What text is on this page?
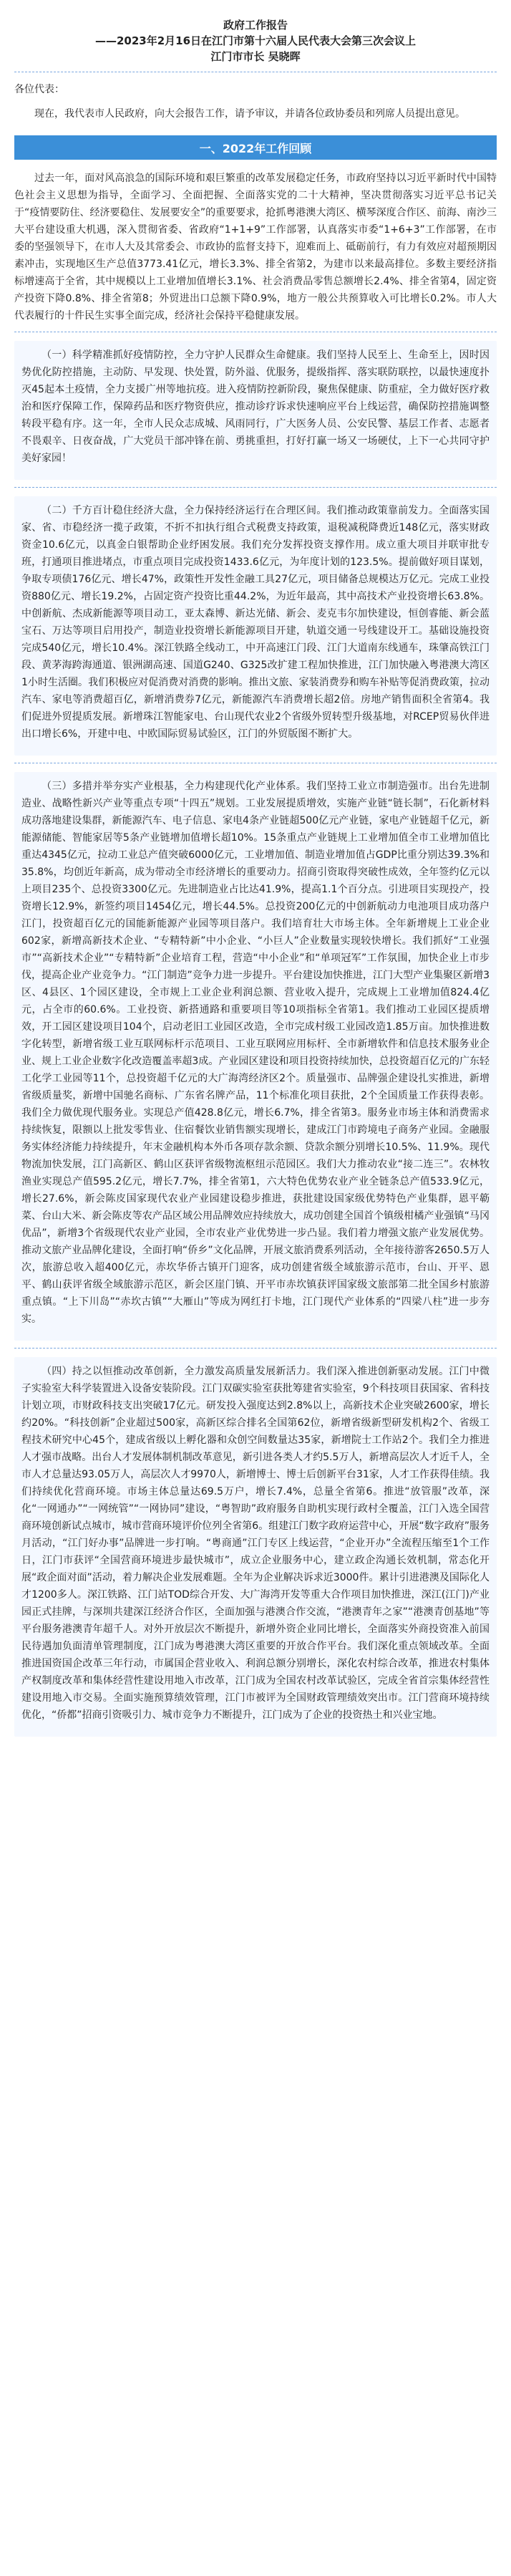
政府工作报告
——2023年2月16日在江门市第十六届人民代表大会第三次会议上
江门市市长 吴晓晖

各位代表：

现在，我代表市人民政府，向大会报告工作，请予审议，并请各位政协委员和列席人员提出意见。

一、2022年工作回顾

过去一年，面对风高浪急的国际环境和艰巨繁重的改革发展稳定任务，市政府坚持以习近平新时代中国特色社会主义思想为指导，全面学习、全面把握、全面落实党的二十大精神，坚决贯彻落实习近平总书记关于“疫情要防住、经济要稳住、发展要安全”的重要要求，抢抓粤港澳大湾区、横琴深度合作区、前海、南沙三大平台建设重大机遇，深入贯彻省委、省政府“1+1+9”工作部署，认真落实市委“1+6+3”工作部署，在市委的坚强领导下，在市人大及其常委会、市政协的监督支持下，迎难而上、砥砺前行，有力有效应对超预期因素冲击，实现地区生产总值3773.41亿元，增长3.3%、排全省第2，为建市以来最高排位。多数主要经济指标增速高于全省，其中规模以上工业增加值增长3.1%、社会消费品零售总额增长2.4%、排全省第4，固定资产投资下降0.8%、排全省第8；外贸进出口总额下降0.9%，地方一般公共预算收入可比增长0.2%。市人大代表履行的十件民生实事全面完成，经济社会保持平稳健康发展。

（一）科学精准抓好疫情防控，全力守护人民群众生命健康。我们坚持人民至上、生命至上，因时因势优化防控措施，主动防、早发现、快处置，防外溢、优服务，提级指挥、落实联防联控，以最快速度扑灭45起本土疫情，全力支援广州等地抗疫。进入疫情防控新阶段，聚焦保健康、防重症，全力做好医疗救治和医疗保障工作，保障药品和医疗物资供应，推动诊疗诉求快速响应平台上线运营，确保防控措施调整转段平稳有序。这一年，全市人民众志成城、风雨同行，广大医务人员、公安民警、基层工作者、志愿者不畏艰辛、日夜奋战，广大党员干部冲锋在前、勇挑重担，打好打赢一场又一场硬仗，上下一心共同守护美好家园！

（二）千方百计稳住经济大盘，全力保持经济运行在合理区间。我们推动政策靠前发力。全面落实国家、省、市稳经济一揽子政策，不折不扣执行组合式税费支持政策，退税减税降费近148亿元，落实财政资金10.6亿元，以真金白银帮助企业纾困发展。我们充分发挥投资支撑作用。成立重大项目并联审批专班，打通项目推进堵点，市重点项目完成投资1433.6亿元，为年度计划的123.5%。提前做好项目谋划，争取专项债176亿元、增长47%，政策性开发性金融工具27亿元，项目储备总规模达万亿元。完成工业投资880亿元、增长19.2%，占固定资产投资比重44.2%，为近年最高，其中高技术产业投资增长63.8%。中创新航、杰成新能源等项目动工，亚太森博、新达光储、新会、麦克韦尔加快建设，恒创睿能、新会蓝宝石、万达等项目启用投产，制造业投资增长新能源项目开建，轨道交通一号线建设开工。基础设施投资完成540亿元，增长10.4%。深江铁路全线动工，中开高速江门段、江门大道南东线通车，珠肇高铁江门段、黄茅海跨海通道、银洲湖高速、国道G240、G325改扩建工程加快推进，江门加快融入粤港澳大湾区1小时生活圈。我们积极应对促消费对消费的影响。推出文旅、家装消费券和购车补贴等促消费政策，拉动汽车、家电等消费超百亿，新增消费券7亿元，新能源汽车消费增长超2倍。房地产销售面积全省第4。我们促进外贸提质发展。新增珠江智能家电、台山现代农业2个省级外贸转型升级基地，对RCEP贸易伙伴进出口增长6%，开建中电、中欧国际贸易试验区，江门的外贸版图不断扩大。

（三）多措并举夯实产业根基，全力构建现代化产业体系。我们坚持工业立市制造强市。出台先进制造业、战略性新兴产业等重点专项“十四五”规划。工业发展提质增效，实施产业链“链长制”，石化新材料成功落地建设集群，新能源汽车、电子信息、家电4条产业链超500亿元产业链，家电产业链超千亿元，新能源储能、智能家居等5条产业链增加值增长超10%。15条重点产业链规上工业增加值全市工业增加值比重达4345亿元，拉动工业总产值突破6000亿元，工业增加值、制造业增加值占GDP比重分别达39.3%和35.8%，均创近年新高，成为带动全市经济增长的重要动力。招商引资取得突破性成效，全年签约亿元以上项目235个、总投资3300亿元。先进制造业占比达41.9%，提高1.1个百分点。引进项目实现投产，投资增长12.9%，新签约项目1454亿元，增长44.5%。总投资200亿元的中创新航动力电池项目成功落户江门，投资超百亿元的国能新能源产业园等项目落户。我们培育壮大市场主体。全年新增规上工业企业602家，新增高新技术企业、“专精特新”中小企业、“小巨人”企业数量实现较快增长。我们抓好“工业强市”“高新技术企业”“专精特新”企业培育工程，营造“中小企业”和“单项冠军”工作氛围，加快企业上市步伐，提高企业产业竞争力。“江门制造”竞争力进一步提升。平台建设加快推进，江门大型产业集聚区新增3区、4县区、1个园区建设，全市规上工业企业利润总额、营业收入提升，完成规上工业增加值824.4亿元，占全市的60.6%。工业投资、新搭通路和重要项目等10项指标全省第1。我们推动工业园区提质增效，开工园区建设项目104个，启动老旧工业园区改造，全市完成村级工业园改造1.85万亩。加快推进数字化转型，新增省级工业互联网标杆示范项目、工业互联网应用标杆、全市新增软件和信息技术服务业企业、规上工业企业数字化改造覆盖率超3成。产业园区建设和项目投资持续加快，总投资超百亿元的广东轻工化学工业园等11个，总投资超千亿元的大广海湾经济区2个。质量强市、品牌强企建设扎实推进，新增省级质量奖，新增中国驰名商标、广东省名牌产品，11个标准化项目获批，2个全国质量工作获得表彰。我们全力做优现代服务业。实现总产值428.8亿元，增长6.7%，排全省第3。服务业市场主体和消费需求持续恢复，限额以上批发零售业、住宿餐饮业销售额实现增长，建成江门市跨境电子商务产业园。金融服务实体经济能力持续提升，年末金融机构本外币各项存款余额、贷款余额分别增长10.5%、11.9%。现代物流加快发展，江门高新区、鹤山区获评省级物流枢纽示范园区。我们大力推动农业“接二连三”。农林牧渔业实现总产值595.2亿元，增长7.7%，排全省第1，六大特色优势农业产业全链条总产值533.9亿元，增长27.6%，新会陈皮国家现代农业产业园建设稳步推进，获批建设国家级优势特色产业集群，恩平簕菜、台山大米、新会陈皮等农产品区域公用品牌效应持续放大，成功创建全国首个镇级柑橘产业强镇“马冈优品”，新增3个省级现代农业产业园，全市农业产业优势进一步凸显。我们着力增强文旅产业发展优势。推动文旅产业品牌化建设，全面打响“侨乡”文化品牌，开展文旅消费系列活动，全年接待游客2650.5万人次，旅游总收入超400亿元，赤坎华侨古镇开门迎客，成功创建省级全域旅游示范市，台山、开平、恩平、鹤山获评省级全域旅游示范区，新会区崖门镇、开平市赤坎镇获评国家级文旅部第二批全国乡村旅游重点镇。“上下川岛”“赤坎古镇”“大雁山”等成为网红打卡地，江门现代产业体系的“四梁八柱”进一步夯实。

（四）持之以恒推动改革创新，全力激发高质量发展新活力。我们深入推进创新驱动发展。江门中微子实验室大科学装置进入设备安装阶段。江门双碳实验室获批筹建省实验室，9个科技项目获国家、省科技计划立项，市财政科技支出突破17亿元。研发投入强度达到2.8%以上，高新技术企业突破2600家，增长约20%。“科技创新”企业超过500家，高新区综合排名全国第62位，新增省级新型研发机构2个、省级工程技术研究中心45个，建成省级以上孵化器和众创空间数量达35家，新增院士工作站2个。我们全力推进人才强市战略。出台人才发展体制机制改革意见，新引进各类人才约5.5万人，新增高层次人才近千人，全市人才总量达93.05万人，高层次人才9970人，新增博士、博士后创新平台31家，人才工作获得佳绩。我们持续优化营商环境。市场主体总量达69.5万户，增长7.4%，总量全省第6。推进“放管服”改革，深化“一网通办”“一网统管”“一网协同”建设，“粤智助”政府服务自助机实现行政村全覆盖，江门入选全国营商环境创新试点城市，城市营商环境评价位列全省第6。组建江门数字政府运营中心，开展“数字政府”服务月活动，“江门好办事”品牌进一步打响。“粤商通”江门专区上线运营，“企业开办”全流程压缩至1个工作日，江门市获评“全国营商环境进步最快城市”，成立企业服务中心，建立政企沟通长效机制，常态化开展“政企面对面”活动，着力解决企业发展难题。全年为企业解决诉求近3000件。累计引进港澳及国际化人才1200多人。深江铁路、江门站TOD综合开发、大广海湾开发等重大合作项目加快推进，深江(江门)产业园正式挂牌，与深圳共建深江经济合作区，全面加强与港澳合作交流，“港澳青年之家”“港澳青创基地”等平台服务港澳青年超千人。对外开放层次不断提升，新增外资企业同比增长，全面落实外商投资准入前国民待遇加负面清单管理制度，江门成为粤港澳大湾区重要的开放合作平台。我们深化重点领域改革。全面推进国资国企改革三年行动，市属国企营业收入、利润总额分别增长，深化农村综合改革，推进农村集体产权制度改革和集体经营性建设用地入市改革，江门成为全国农村改革试验区，完成全省首宗集体经营性建设用地入市交易。全面实施预算绩效管理，江门市被评为全国财政管理绩效突出市。江门营商环境持续优化，“侨都”招商引资吸引力、城市竞争力不断提升，江门成为了企业的投资热土和兴业宝地。
